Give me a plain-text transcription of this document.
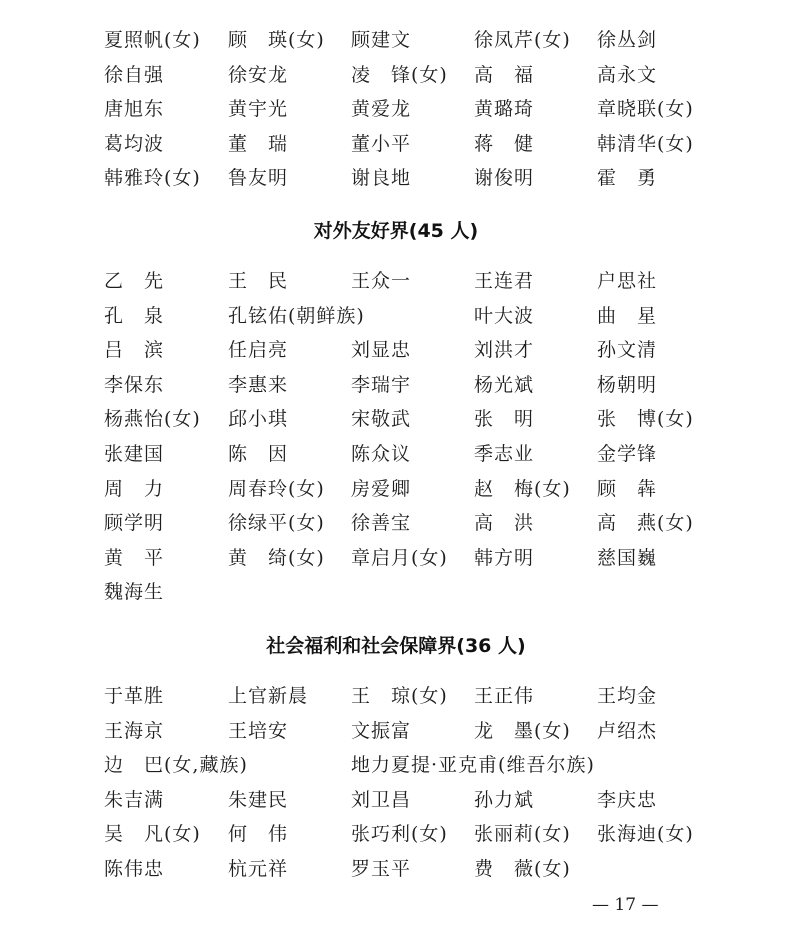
夏照帆(女) 顾　瑛(女) 顾建文	徐凤芹(女) 徐丛剑
徐自强	徐安龙	凌　锋(女) 高　福	高永文
唐旭东	黄宇光	黄爱龙	黄璐琦	章晓联(女)
葛均波	董　瑞	董小平	蒋　健	韩清华(女)
韩雅玲(女) 鲁友明	谢良地	谢俊明	霍　勇
对外友好界(45 人)
乙　先	王　民	王众一	王连君	户思社
孔　泉	孔铉佑(朝鲜族)	叶大波	曲　星
吕　滨	任启亮	刘显忠	刘洪才	孙文清
李保东	李惠来	李瑞宇	杨光斌	杨朝明
杨燕怡(女) 邱小琪	宋敬武	张　明	张　博(女)
张建国	陈　因	陈众议	季志业	金学锋
周　力	周春玲(女) 房爱卿	赵　梅(女) 顾　犇
顾学明	徐绿平(女) 徐善宝	高　洪	高　燕(女)
黄　平	黄　绮(女) 章启月(女) 韩方明	慈国巍
魏海生
社会福利和社会保障界(36 人)
于革胜	上官新晨 王　琼(女) 王正伟	王均金
王海京	王培安	文振富	龙　墨(女) 卢绍杰
边　巴(女,藏族)	地力夏提·亚克甫(维吾尔族)
朱吉满	朱建民	刘卫昌	孙力斌	李庆忠
吴　凡(女) 何　伟	张巧利(女) 张丽莉(女) 张海迪(女)
陈伟忠	杭元祥	罗玉平	费　薇(女)
— 17 —
